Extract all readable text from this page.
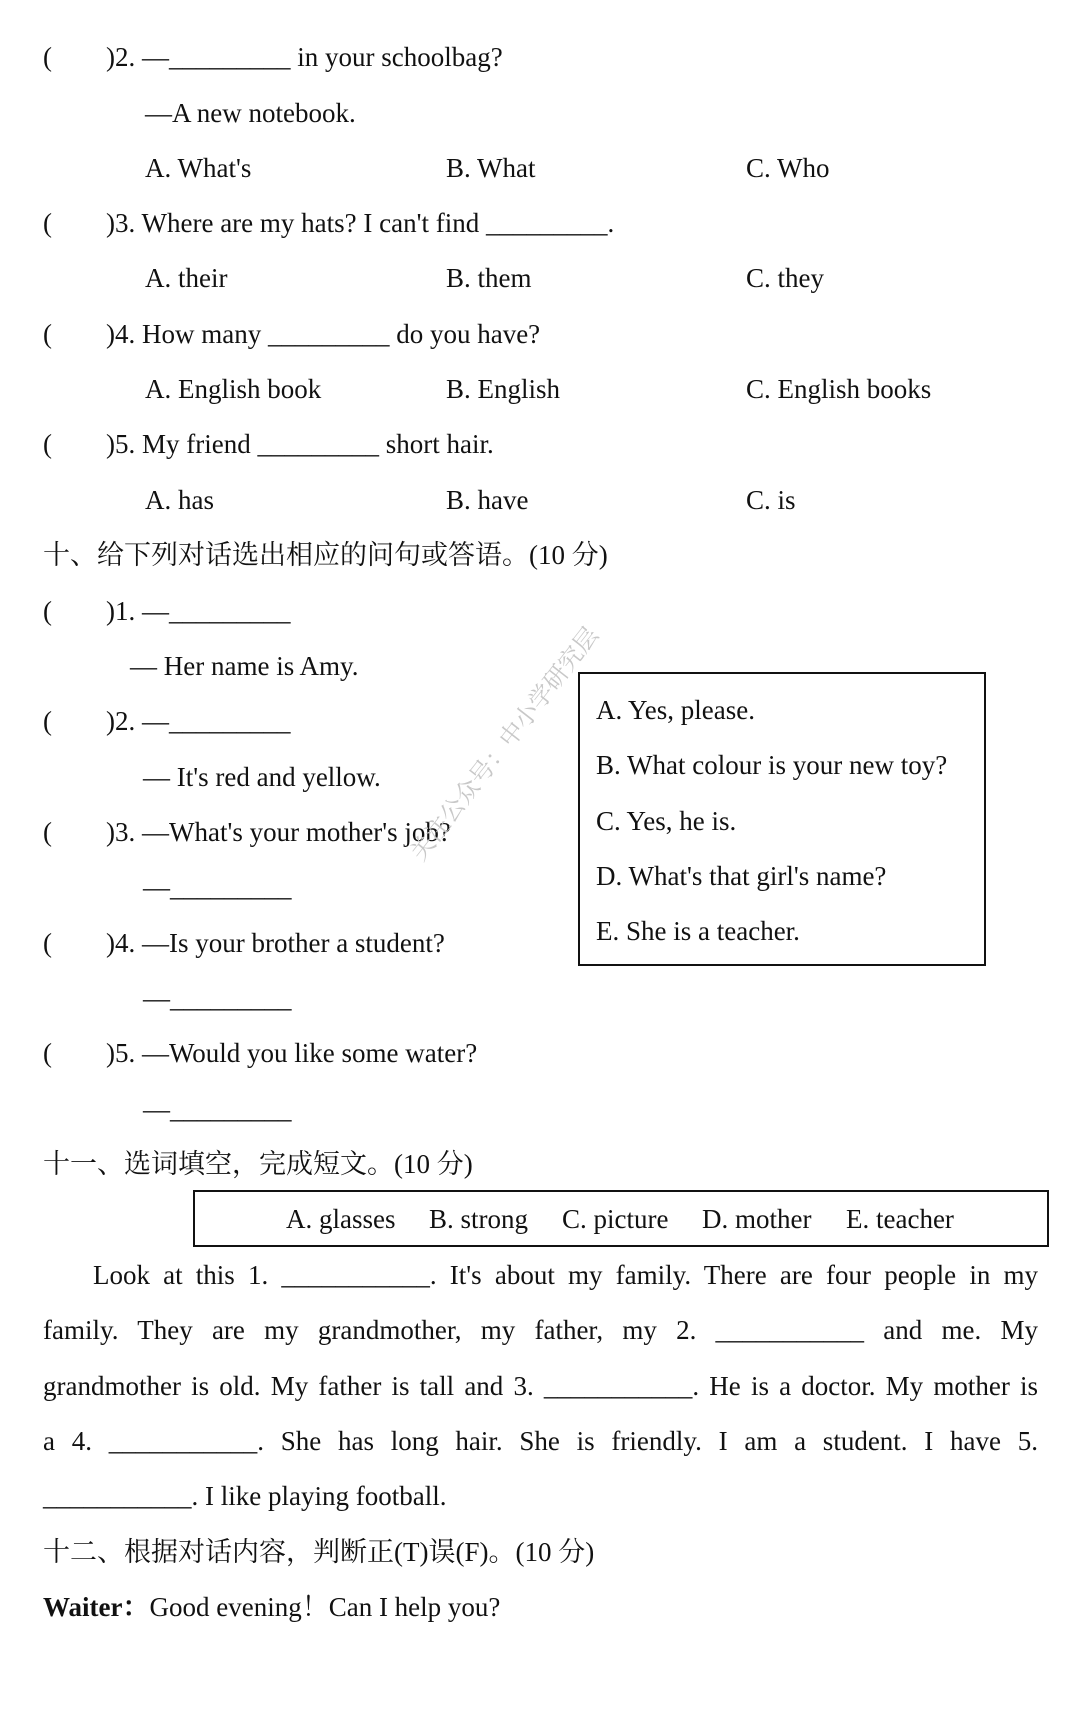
(        )2. —_________ in your schoolbag?
—A new notebook.
A. What's	B. What	C. Who
(        )3. Where are my hats? I can't find _________.
A. their	B. them	C. they
(        )4. How many _________ do you have?
A. English book	B. English	C. English books
(        )5. My friend _________ short hair.
A. has	B. have	C. is
十、给下列对话选出相应的问句或答语。(10 分)
(        )1. —_________
— Her name is Amy.
(        )2. —_________
— It's red and yellow.
(        )3. —What's your mother's job?
—_________
(        )4. —Is your brother a student?
—_________
(        )5. —Would you like some water?
—_________
A. Yes, please.
B. What colour is your new toy?
C. Yes, he is.
D. What's that girl's name?
E. She is a teacher.
关注公众号：中小学研究层
十一、选词填空，完成短文。(10 分)
A. glasses B. strong C. picture D. mother E. teacher
Look at this 1. ___________. It's about my family. There are four people in my
family. They are my grandmother, my father, my 2. ___________ and me. My
grandmother is old. My father is tall and 3. ___________. He is a doctor. My mother is
a 4. ___________. She has long hair. She is friendly. I am a student. I have 5.
___________. I like playing football.
十二、根据对话内容，判断正(T)误(F)。(10 分)
Waiter：Good evening！Can I help you?
